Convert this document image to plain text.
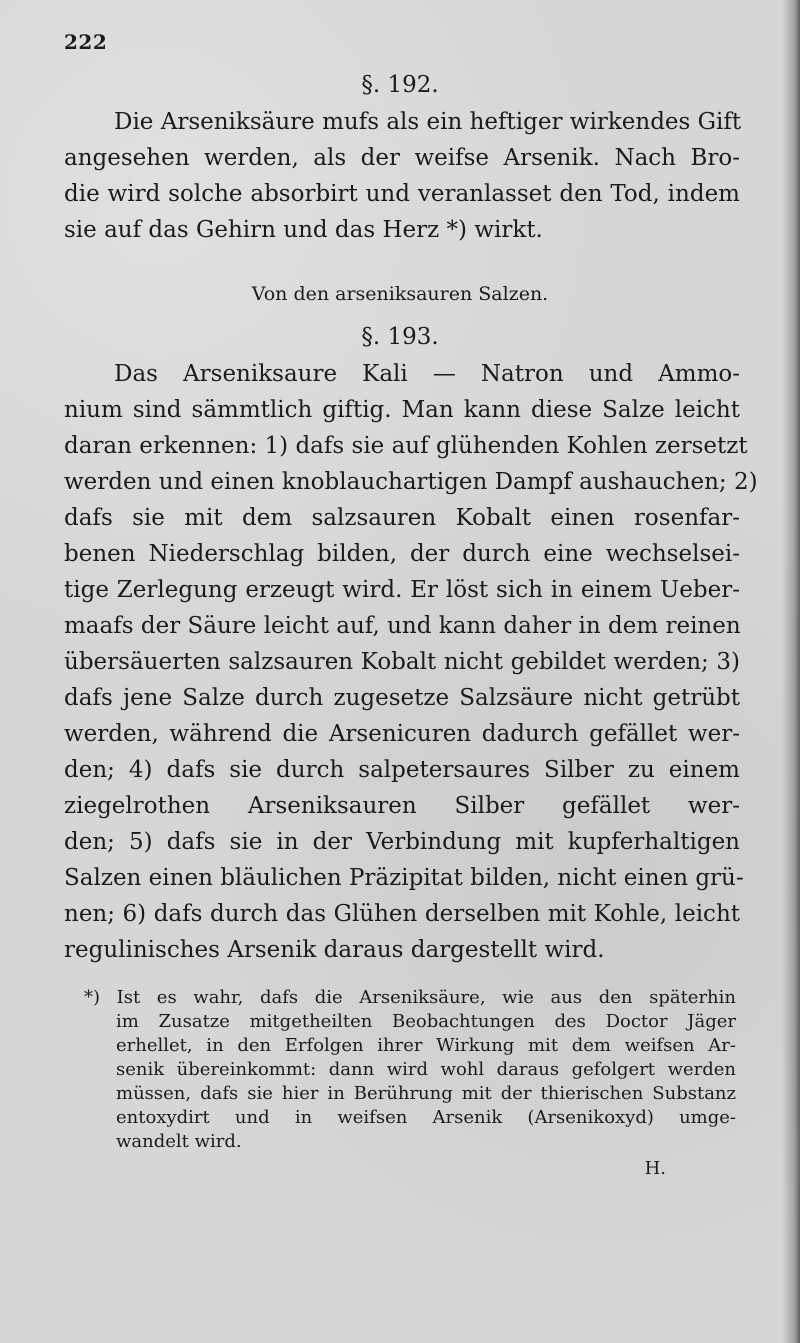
222
§. 192.
Die Arseniksäure mufs als ein heftiger wirkendes Gift
angesehen werden, als der weifse Arsenik. Nach Bro-
die wird solche absorbirt und veranlasset den Tod, indem
sie auf das Gehirn und das Herz *) wirkt.
Von den arseniksauren Salzen.
§. 193.
Das Arseniksaure Kali — Natron und Ammo-
nium sind sämmtlich giftig. Man kann diese Salze leicht
daran erkennen: 1) dafs sie auf glühenden Kohlen zersetzt
werden und einen knoblauchartigen Dampf aushauchen; 2)
dafs sie mit dem salzsauren Kobalt einen rosenfar-
benen Niederschlag bilden, der durch eine wechselsei-
tige Zerlegung erzeugt wird. Er löst sich in einem Ueber-
maafs der Säure leicht auf, und kann daher in dem reinen
übersäuerten salzsauren Kobalt nicht gebildet werden; 3)
dafs jene Salze durch zugesetze Salzsäure nicht getrübt
werden, während die Arsenicuren dadurch gefället wer-
den; 4) dafs sie durch salpetersaures Silber zu einem
ziegelrothen Arseniksauren Silber gefället wer-
den; 5) dafs sie in der Verbindung mit kupferhaltigen
Salzen einen bläulichen Präzipitat bilden, nicht einen grü-
nen; 6) dafs durch das Glühen derselben mit Kohle, leicht
regulinisches Arsenik daraus dargestellt wird.
*) Ist es wahr, dafs die Arseniksäure, wie aus den späterhin
im Zusatze mitgetheilten Beobachtungen des Doctor Jäger
erhellet, in den Erfolgen ihrer Wirkung mit dem weifsen Ar-
senik übereinkommt: dann wird wohl daraus gefolgert werden
müssen, dafs sie hier in Berührung mit der thierischen Substanz
entoxydirt und in weifsen Arsenik (Arsenikoxyd) umge-
wandelt wird.
H.
